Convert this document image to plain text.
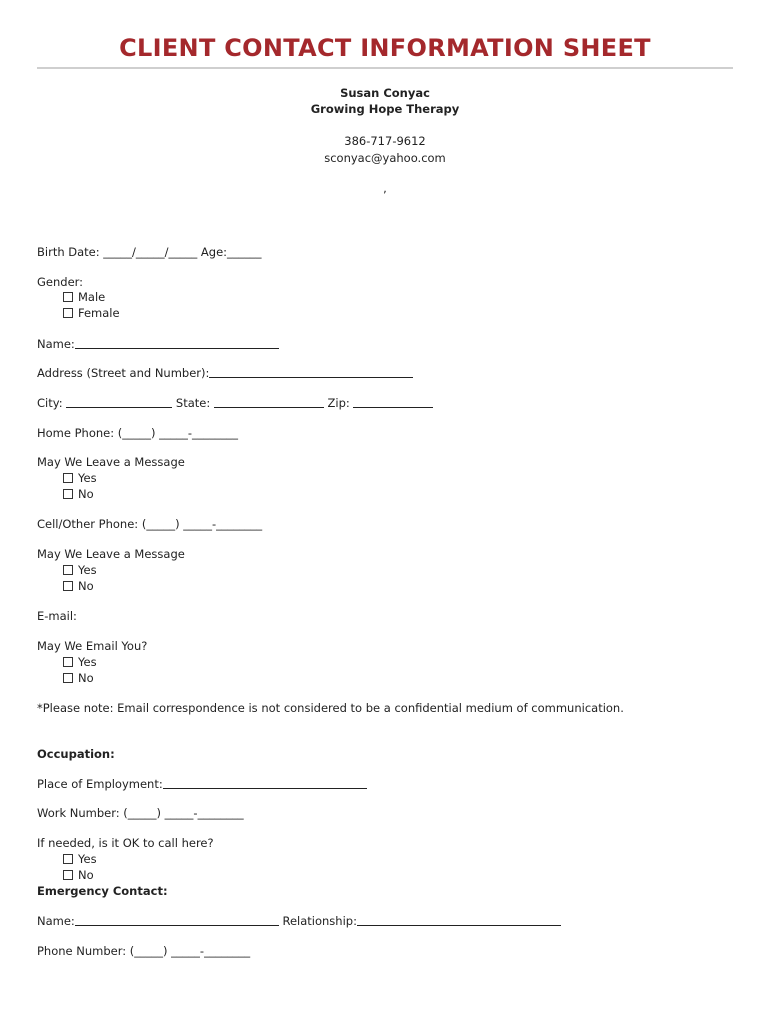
CLIENT CONTACT INFORMATION SHEET
Susan Conyac
Growing Hope Therapy
386-717-9612
sconyac@yahoo.com
,
Birth Date: _____/_____/_____ Age:______
Gender:
Male
Female
Name:
Address (Street and Number):
City:	State:	Zip:
Home Phone: (_____) _____-________
May We Leave a Message
Yes
No
Cell/Other Phone: (_____) _____-________
May We Leave a Message
Yes
No
E-mail:
May We Email You?
Yes
No
*Please note: Email correspondence is not considered to be a confidential medium of communication.
Occupation:
Place of Employment:
Work Number: (_____) _____-________
If needed, is it OK to call here?
Yes
No
Emergency Contact:
Name:	Relationship:
Phone Number: (_____) _____-________
